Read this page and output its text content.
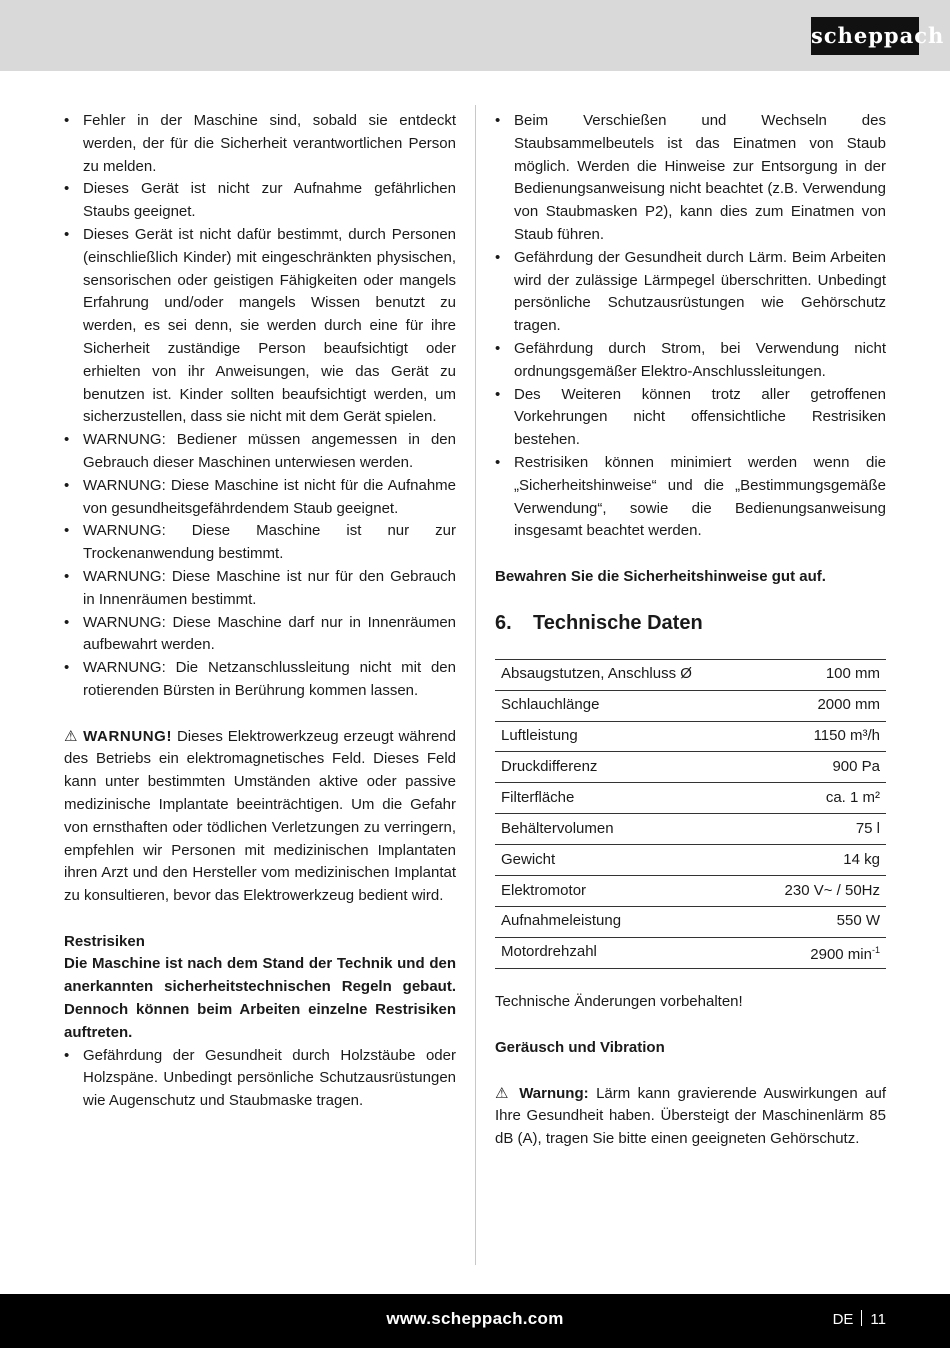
scheppach
• Fehler in der Maschine sind, sobald sie entdeckt werden, der für die Sicherheit verantwortlichen Person zu melden.
• Dieses Gerät ist nicht zur Aufnahme gefährlichen Staubs geeignet.
• Dieses Gerät ist nicht dafür bestimmt, durch Personen (einschließlich Kinder) mit eingeschränkten physischen, sensorischen oder geistigen Fähigkeiten oder mangels Erfahrung und/oder mangels Wissen benutzt zu werden, es sei denn, sie werden durch eine für ihre Sicherheit zuständige Person beaufsichtigt oder erhielten von ihr Anweisungen, wie das Gerät zu benutzen ist. Kinder sollten beaufsichtigt werden, um sicherzustellen, dass sie nicht mit dem Gerät spielen.
• WARNUNG: Bediener müssen angemessen in den Gebrauch dieser Maschinen unterwiesen werden.
• WARNUNG: Diese Maschine ist nicht für die Aufnahme von gesundheitsgefährdendem Staub geeignet.
• WARNUNG: Diese Maschine ist nur zur Trockenanwendung bestimmt.
• WARNUNG: Diese Maschine ist nur für den Gebrauch in Innenräumen bestimmt.
• WARNUNG: Diese Maschine darf nur in Innenräumen aufbewahrt werden.
• WARNUNG: Die Netzanschlussleitung nicht mit den rotierenden Bürsten in Berührung kommen lassen.

⚠ WARNUNG! Dieses Elektrowerkzeug erzeugt während des Betriebs ein elektromagnetisches Feld. Dieses Feld kann unter bestimmten Umständen aktive oder passive medizinische Implantate beeinträchtigen. Um die Gefahr von ernsthaften oder tödlichen Verletzungen zu verringern, empfehlen wir Personen mit medizinischen Implantaten ihren Arzt und den Hersteller vom medizinischen Implantat zu konsultieren, bevor das Elektrowerkzeug bedient wird.

Restrisiken

Die Maschine ist nach dem Stand der Technik und den anerkannten sicherheitstechnischen Regeln gebaut. Dennoch können beim Arbeiten einzelne Restrisiken auftreten.

• Gefährdung der Gesundheit durch Holzstäube oder Holzspäne. Unbedingt persönliche Schutzausrüstungen wie Augenschutz und Staubmaske tragen.
• Beim Verschießen und Wechseln des Staubsammelbeutels ist das Einatmen von Staub möglich. Werden die Hinweise zur Entsorgung in der Bedienungsanweisung nicht beachtet (z.B. Verwendung von Staubmasken P2), kann dies zum Einatmen von Staub führen.
• Gefährdung der Gesundheit durch Lärm. Beim Arbeiten wird der zulässige Lärmpegel überschritten. Unbedingt persönliche Schutzausrüstungen wie Gehörschutz tragen.
• Gefährdung durch Strom, bei Verwendung nicht ordnungsgemäßer Elektro-Anschlussleitungen.
• Des Weiteren können trotz aller getroffenen Vorkehrungen nicht offensichtliche Restrisiken bestehen.
• Restrisiken können minimiert werden wenn die „Sicherheitshinweise“ und die „Bestimmungsgemäße Verwendung“, sowie die Bedienungsanweisung insgesamt beachtet werden.

Bewahren Sie die Sicherheitshinweise gut auf.

6. Technische Daten
Absaugstutzen, Anschluss Ø	100 mm
Schlauchlänge	2000 mm
Luftleistung	1150 m³/h
Druckdifferenz	900 Pa
Filterfläche	ca. 1 m²
Behältervolumen	75 l
Gewicht	14 kg
Elektromotor	230 V~ / 50Hz
Aufnahmeleistung	550 W
Motordrehzahl	2900 $\min^{-1}$

Technische Änderungen vorbehalten!

Geräusch und Vibration

⚠ Warnung: Lärm kann gravierende Auswirkungen auf Ihre Gesundheit haben. Übersteigt der Maschinenlärm 85 dB (A), tragen Sie bitte einen geeigneten Gehörschutz.

www.scheppach.com	DE 11
